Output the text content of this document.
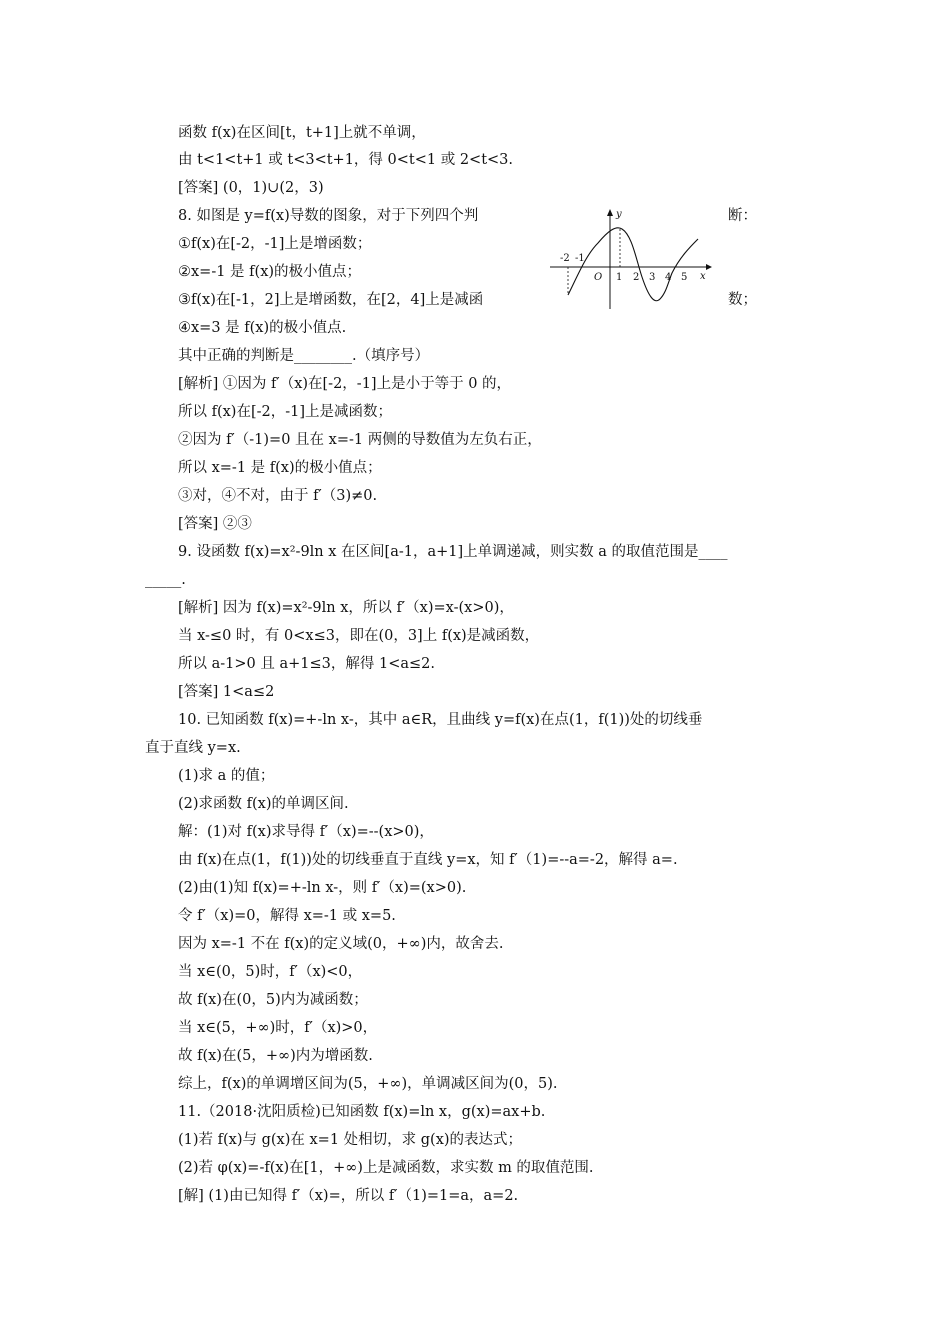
函数 f(x)在区间[t，t+1]上就不单调，
由 t<1<t+1 或 t<3<t+1，得 0<t<1 或 2<t<3.
[答案] (0，1)∪(2，3)
8. 如图是 y=f(x)导数的图象，对于下列四个判
①f(x)在[-2，-1]上是增函数；
②x=-1 是 f(x)的极小值点；
③f(x)在[-1，2]上是增函数，在[2，4]上是减函
④x=3 是 f(x)的极小值点.
其中正确的判断是________.（填序号）
[解析] ①因为 f′（x)在[-2，-1]上是小于等于 0 的，
所以 f(x)在[-2，-1]上是减函数；
②因为 f′（-1)=0 且在 x=-1 两侧的导数值为左负右正，
所以 x=-1 是 f(x)的极小值点；
③对，④不对，由于 f′（3)≠0.
[答案] ②③
9. 设函数 f(x)=x²-9ln x 在区间[a-1，a+1]上单调递减，则实数 a 的取值范围是____
_____.
[解析] 因为 f(x)=x²-9ln x，所以 f′（x)=x-(x>0)，
当 x-≤0 时，有 0<x≤3，即在(0，3]上 f(x)是减函数，
所以 a-1>0 且 a+1≤3，解得 1<a≤2.
[答案] 1<a≤2
10. 已知函数 f(x)=+-ln x-，其中 a∈R，且曲线 y=f(x)在点(1，f(1))处的切线垂
直于直线 y=x.
(1)求 a 的值；
(2)求函数 f(x)的单调区间.
解：(1)对 f(x)求导得 f′（x)=--(x>0)，
由 f(x)在点(1，f(1))处的切线垂直于直线 y=x，知 f′（1)=--a=-2，解得 a=.
(2)由(1)知 f(x)=+-ln x-，则 f′（x)=(x>0).
令 f′（x)=0，解得 x=-1 或 x=5.
因为 x=-1 不在 f(x)的定义域(0，+∞)内，故舍去.
当 x∈(0，5)时，f′（x)<0，
故 f(x)在(0，5)内为减函数；
当 x∈(5，+∞)时，f′（x)>0，
故 f(x)在(5，+∞)内为增函数.
综上，f(x)的单调增区间为(5，+∞)，单调减区间为(0，5).
11.（2018·沈阳质检)已知函数 f(x)=ln x，g(x)=ax+b.
(1)若 f(x)与 g(x)在 x=1 处相切，求 g(x)的表达式；
(2)若 φ(x)=-f(x)在[1，+∞)上是减函数，求实数 m 的取值范围.
[解] (1)由已知得 f′（x)=，所以 f′（1)=1=a，a=2.
断：
数；
y
x
O
-2 -1
1 2 3 4 5
